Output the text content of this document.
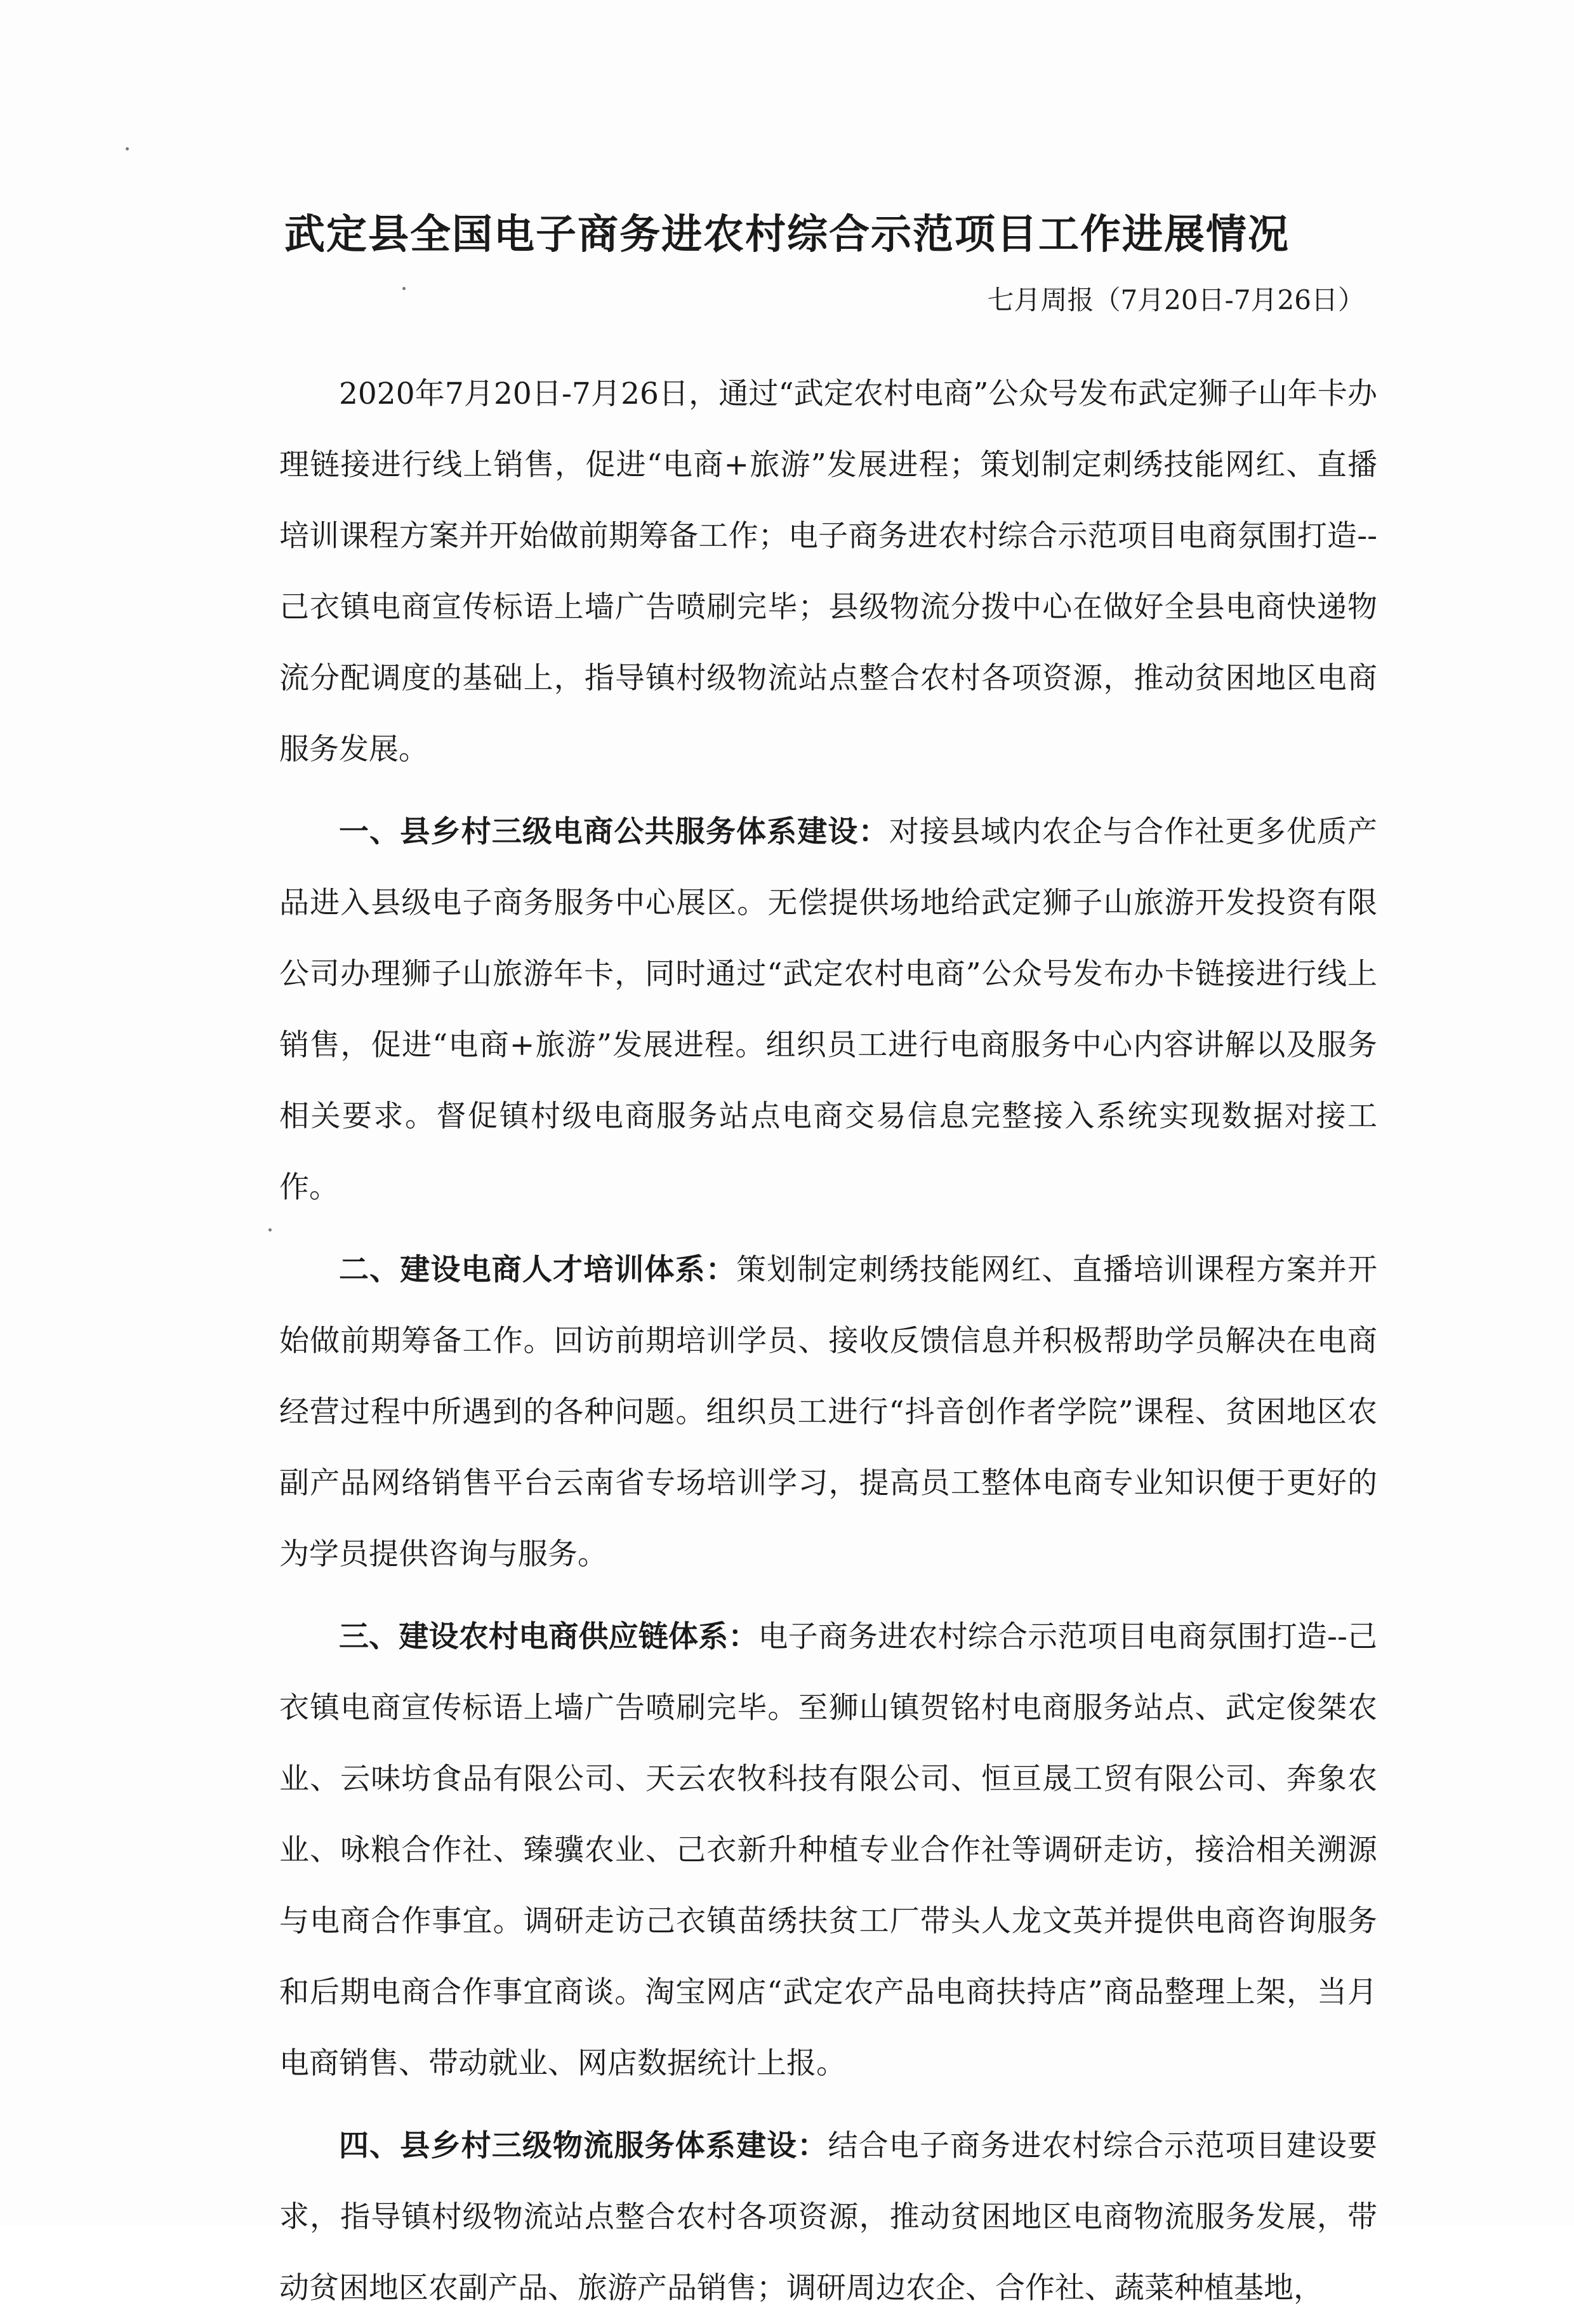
武定县全国电子商务进农村综合示范项目工作进展情况
七月周报（7月20日-7月26日）

2020年7月20日-7月26日，通过“武定农村电商”公众号发布武定狮子山年卡办理链接进行线上销售，促进“电商+旅游”发展进程；策划制定刺绣技能网红、直播培训课程方案并开始做前期筹备工作；电子商务进农村综合示范项目电商氛围打造--己衣镇电商宣传标语上墙广告喷刷完毕；县级物流分拨中心在做好全县电商快递物流分配调度的基础上，指导镇村级物流站点整合农村各项资源，推动贫困地区电商服务发展。

一、县乡村三级电商公共服务体系建设：对接县域内农企与合作社更多优质产品进入县级电子商务服务中心展区。无偿提供场地给武定狮子山旅游开发投资有限公司办理狮子山旅游年卡，同时通过“武定农村电商”公众号发布办卡链接进行线上销售，促进“电商+旅游”发展进程。组织员工进行电商服务中心内容讲解以及服务相关要求。督促镇村级电商服务站点电商交易信息完整接入系统实现数据对接工作。

二、建设电商人才培训体系：策划制定刺绣技能网红、直播培训课程方案并开始做前期筹备工作。回访前期培训学员、接收反馈信息并积极帮助学员解决在电商经营过程中所遇到的各种问题。组织员工进行“抖音创作者学院”课程、贫困地区农副产品网络销售平台云南省专场培训学习，提高员工整体电商专业知识便于更好的为学员提供咨询与服务。

三、建设农村电商供应链体系：电子商务进农村综合示范项目电商氛围打造--己衣镇电商宣传标语上墙广告喷刷完毕。至狮山镇贺铭村电商服务站点、武定俊桀农业、云味坊食品有限公司、天云农牧科技有限公司、恒亘晟工贸有限公司、奔象农业、咏粮合作社、臻骥农业、己衣新升种植专业合作社等调研走访，接洽相关溯源与电商合作事宜。调研走访己衣镇苗绣扶贫工厂带头人龙文英并提供电商咨询服务和后期电商合作事宜商谈。淘宝网店“武定农产品电商扶持店”商品整理上架，当月电商销售、带动就业、网店数据统计上报。

四、县乡村三级物流服务体系建设：结合电子商务进农村综合示范项目建设要求，指导镇村级物流站点整合农村各项资源，推动贫困地区电商物流服务发展，带动贫困地区农副产品、旅游产品销售；调研周边农企、合作社、蔬菜种植基地，
